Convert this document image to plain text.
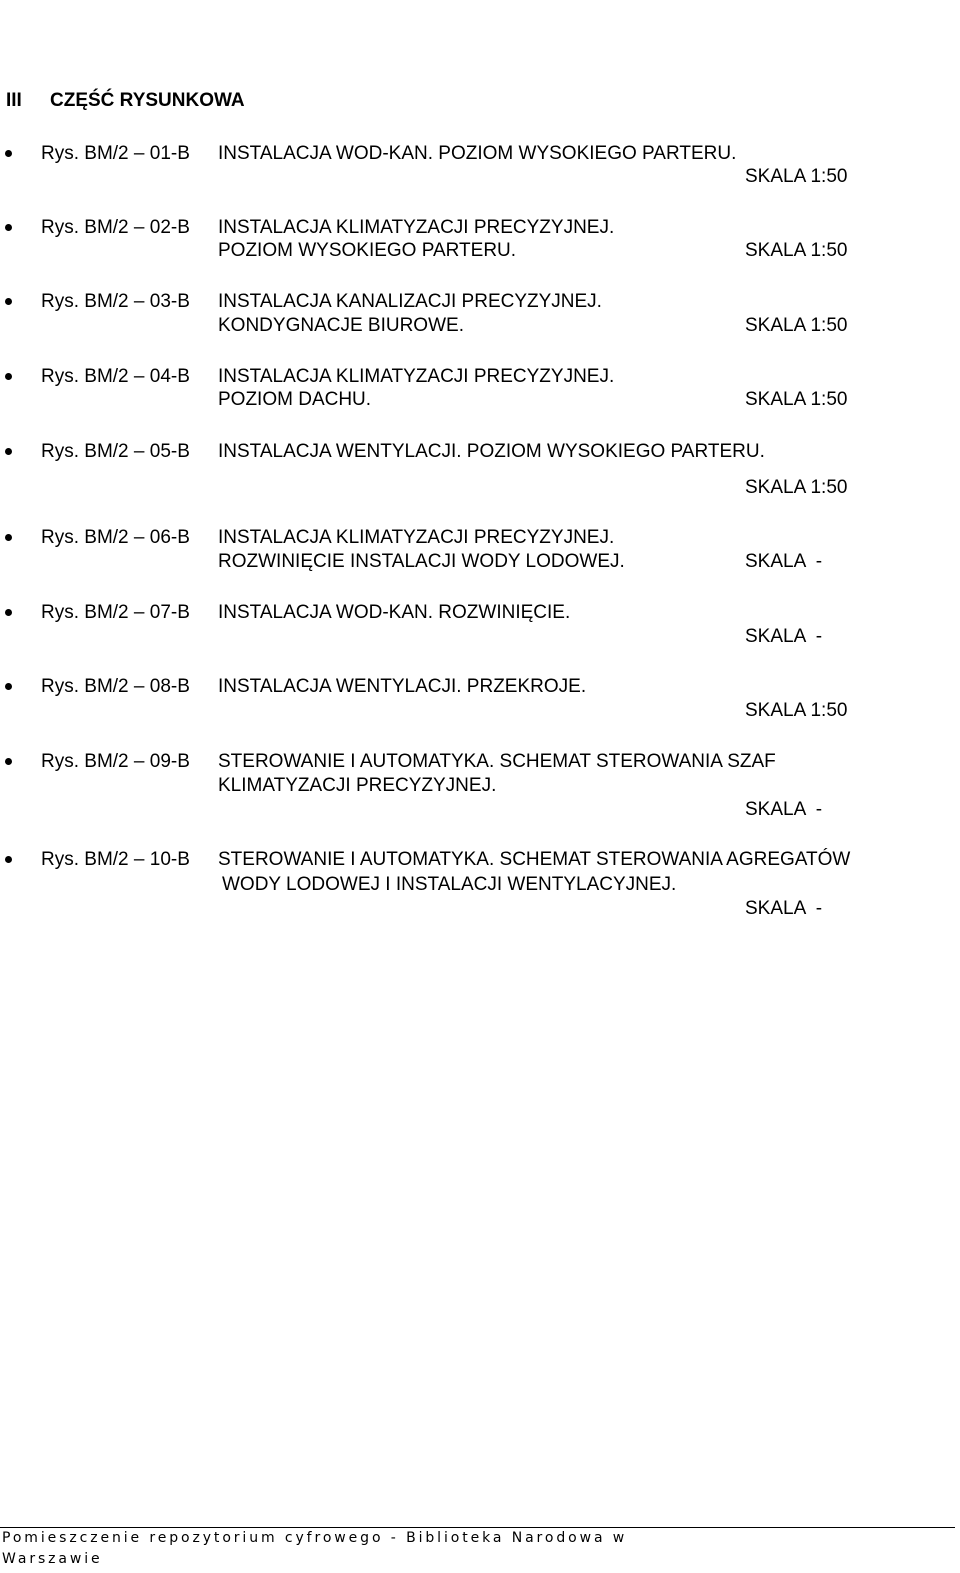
III CZĘŚĆ RYSUNKOWA
Rys. BM/2 – 01-B INSTALACJA WOD-KAN. POZIOM WYSOKIEGO PARTERU.
SKALA 1:50
Rys. BM/2 – 02-B INSTALACJA KLIMATYZACJI PRECYZYJNEJ.
POZIOM WYSOKIEGO PARTERU.	SKALA 1:50
Rys. BM/2 – 03-B INSTALACJA KANALIZACJI PRECYZYJNEJ.
KONDYGNACJE BIUROWE.	SKALA 1:50
Rys. BM/2 – 04-B INSTALACJA KLIMATYZACJI PRECYZYJNEJ.
POZIOM DACHU.	SKALA 1:50
Rys. BM/2 – 05-B INSTALACJA WENTYLACJI. POZIOM WYSOKIEGO PARTERU.
SKALA 1:50
Rys. BM/2 – 06-B INSTALACJA KLIMATYZACJI PRECYZYJNEJ.
ROZWINIĘCIE INSTALACJI WODY LODOWEJ.	SKALA  -
Rys. BM/2 – 07-B INSTALACJA WOD-KAN. ROZWINIĘCIE.
SKALA  -
Rys. BM/2 – 08-B INSTALACJA WENTYLACJI. PRZEKROJE.
SKALA 1:50
Rys. BM/2 – 09-B STEROWANIE I AUTOMATYKA. SCHEMAT STEROWANIA SZAF
KLIMATYZACJI PRECYZYJNEJ.
SKALA  -
Rys. BM/2 – 10-B STEROWANIE I AUTOMATYKA. SCHEMAT STEROWANIA AGREGATÓW
WODY LODOWEJ I INSTALACJI WENTYLACYJNEJ.
SKALA  -
Pomieszczenie repozytorium cyfrowego - Biblioteka Narodowa w
Warszawie
